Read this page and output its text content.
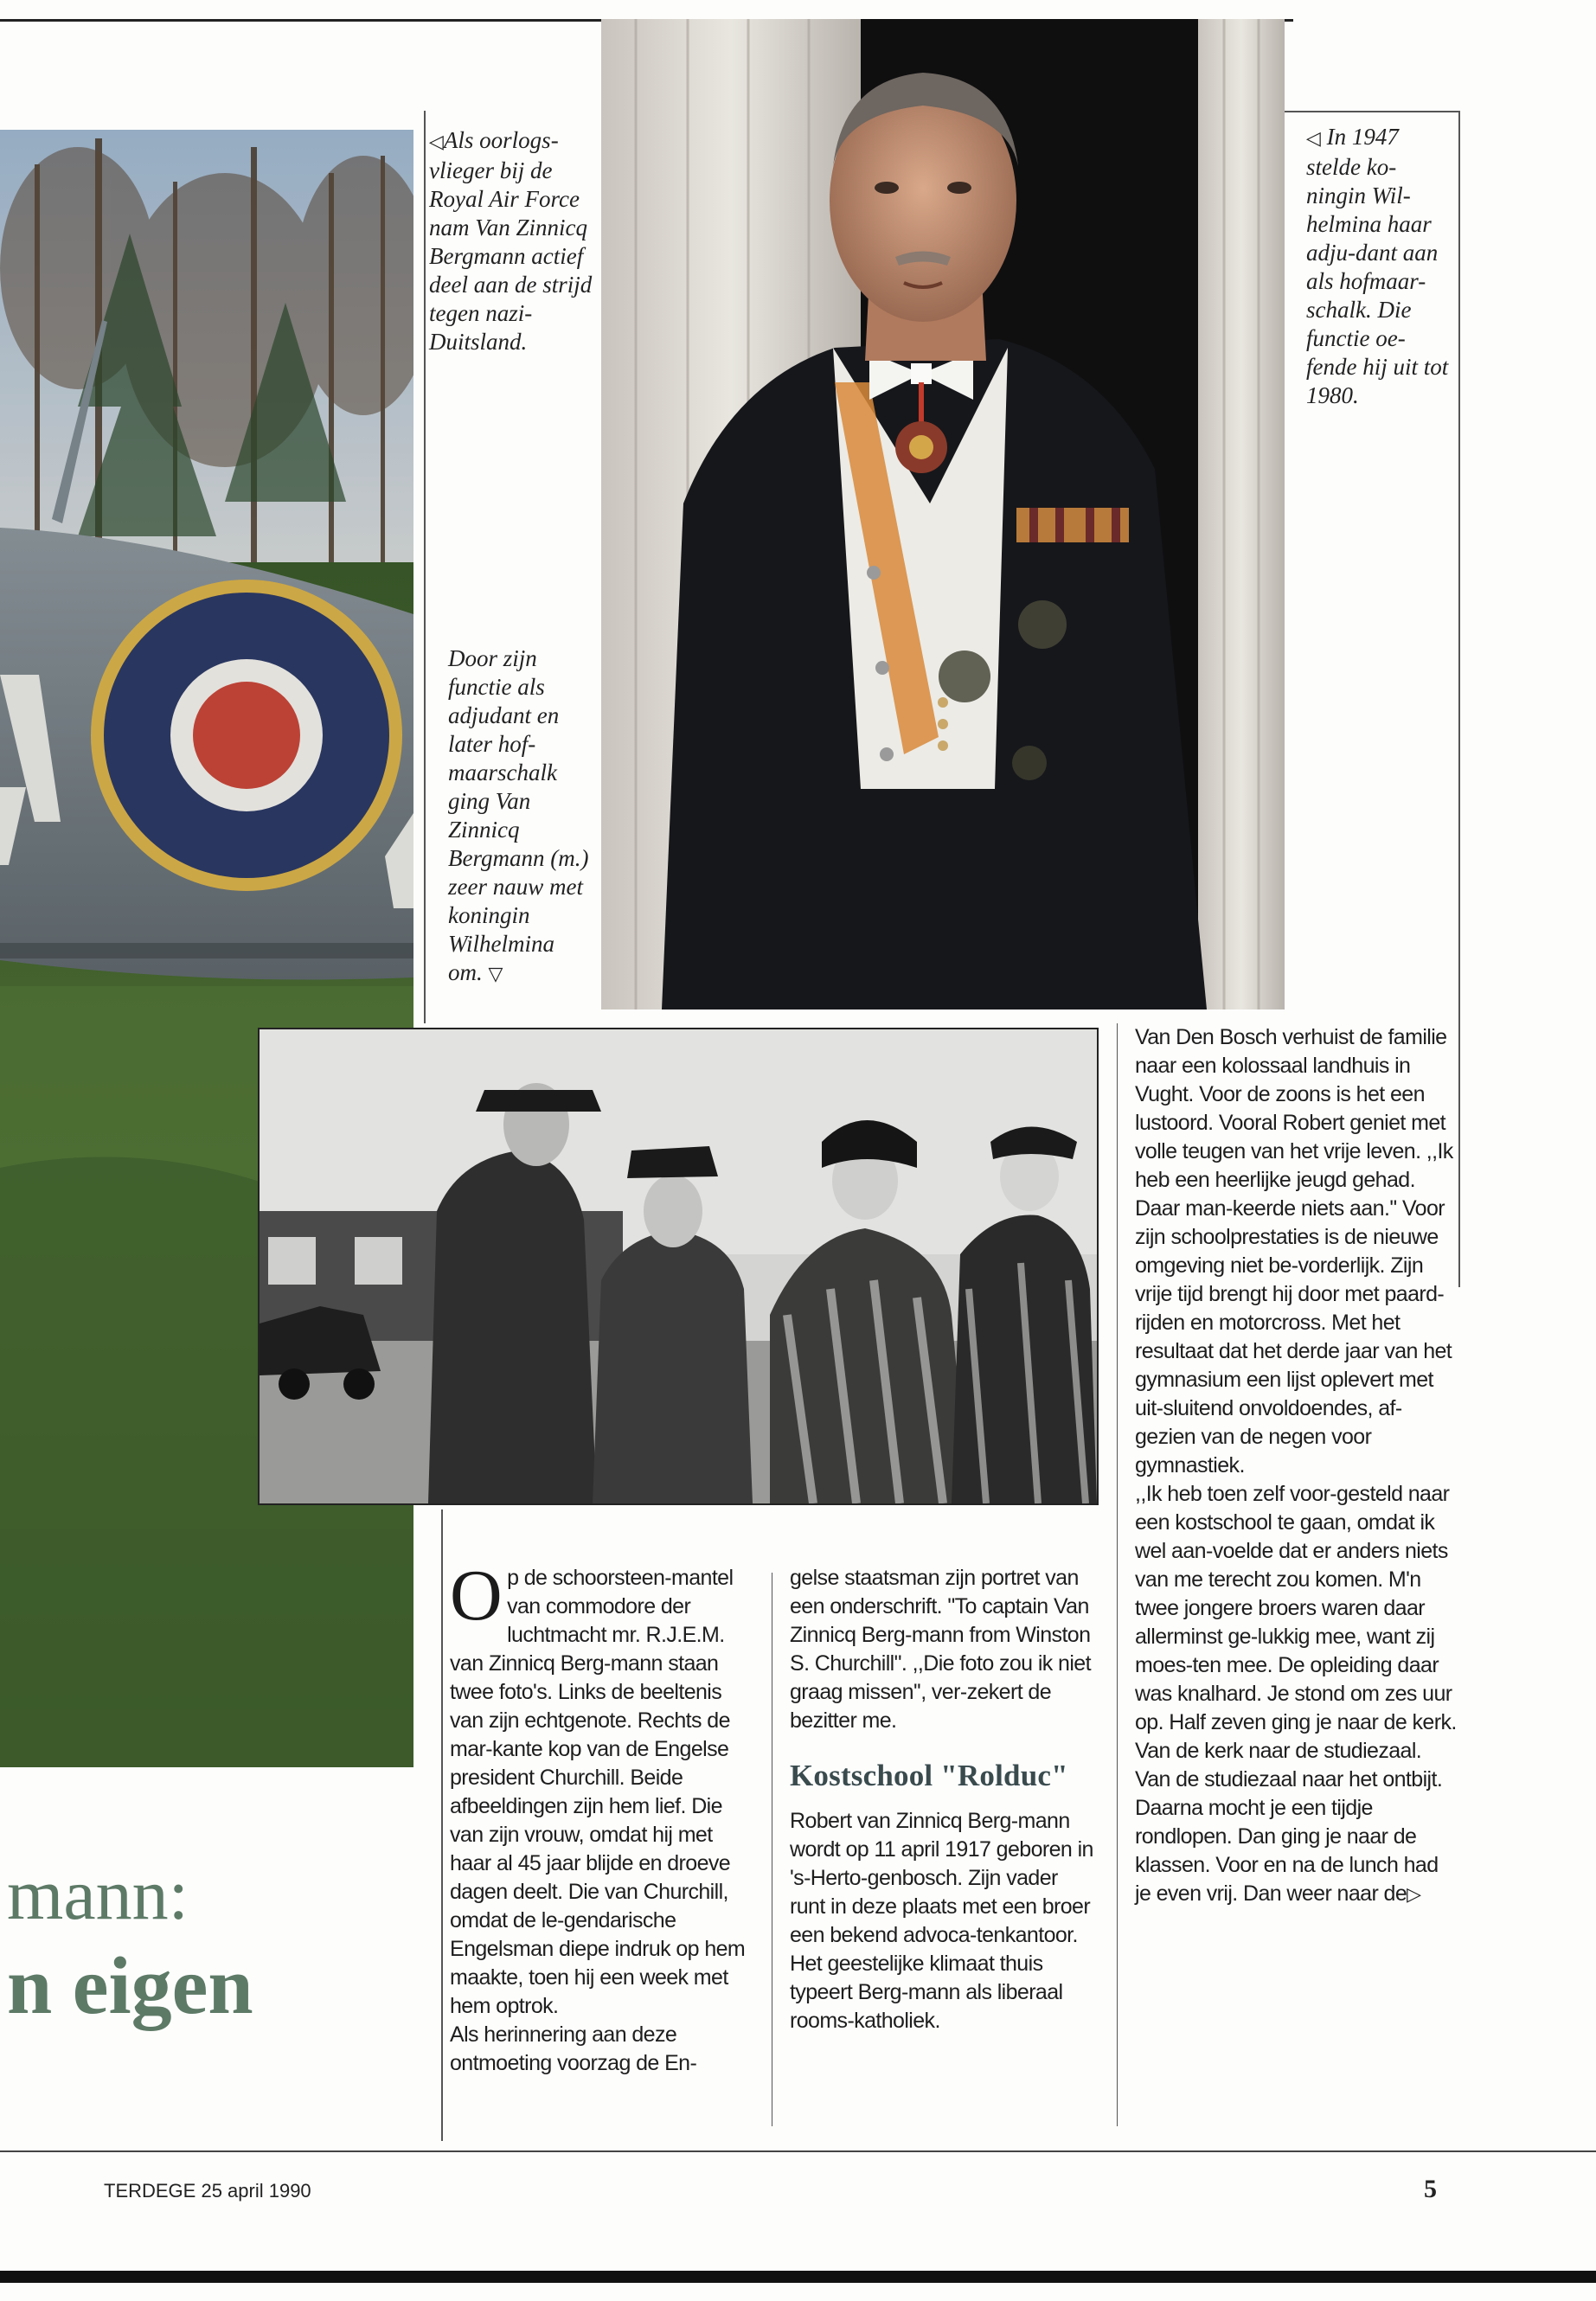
◁Als oorlogs-vlieger bij de Royal Air Force nam Van Zinnicq Bergmann actief deel aan de strijd tegen nazi-Duitsland.
Door zijn functie als adjudant en later hof-maarschalk ging Van Zinnicq Bergmann (m.) zeer nauw met koningin Wilhelmina om. ▽
◁ In 1947 stelde ko-ningin Wil-helmina haar adju-dant aan als hofmaar-schalk. Die functie oe-fende hij uit tot 1980.
mann:
n eigen

Op de schoorsteen-mantel van commodore der luchtmacht mr. R.J.E.M. van Zinnicq Berg-mann staan twee foto's. Links de beeltenis van zijn echtgenote. Rechts de mar-kante kop van de Engelse president Churchill. Beide afbeeldingen zijn hem lief. Die van zijn vrouw, omdat hij met haar al 45 jaar blijde en droeve dagen deelt. Die van Churchill, omdat de le-gendarische Engelsman diepe indruk op hem maakte, toen hij een week met hem optrok.

Als herinnering aan deze ontmoeting voorzag de En-

gelse staatsman zijn portret van een onderschrift. "To captain Van Zinnicq Berg-mann from Winston S. Churchill". ,,Die foto zou ik niet graag missen'', ver-zekert de bezitter me.

Kostschool "Rolduc"

Robert van Zinnicq Berg-mann wordt op 11 april 1917 geboren in 's-Herto-genbosch. Zijn vader runt in deze plaats met een broer een bekend advoca-tenkantoor. Het geestelijke klimaat thuis typeert Berg-mann als liberaal rooms-katholiek.

Van Den Bosch verhuist de familie naar een kolossaal landhuis in Vught. Voor de zoons is het een lustoord. Vooral Robert geniet met volle teugen van het vrije leven. ,,Ik heb een heerlijke jeugd gehad. Daar man-keerde niets aan.'' Voor zijn schoolprestaties is de nieuwe omgeving niet be-vorderlijk. Zijn vrije tijd brengt hij door met paard-rijden en motorcross. Met het resultaat dat het derde jaar van het gymnasium een lijst oplevert met uit-sluitend onvoldoendes, af-gezien van de negen voor gymnastiek.

,,Ik heb toen zelf voor-gesteld naar een kostschool te gaan, omdat ik wel aan-voelde dat er anders niets van me terecht zou komen. M'n twee jongere broers waren daar allerminst ge-lukkig mee, want zij moes-ten mee. De opleiding daar was knalhard. Je stond om zes uur op. Half zeven ging je naar de kerk. Van de kerk naar de studiezaal. Van de studiezaal naar het ontbijt. Daarna mocht je een tijdje rondlopen. Dan ging je naar de klassen. Voor en na de lunch had je even vrij. Dan weer naar de▷

TERDEGE 25 april 1990	5
